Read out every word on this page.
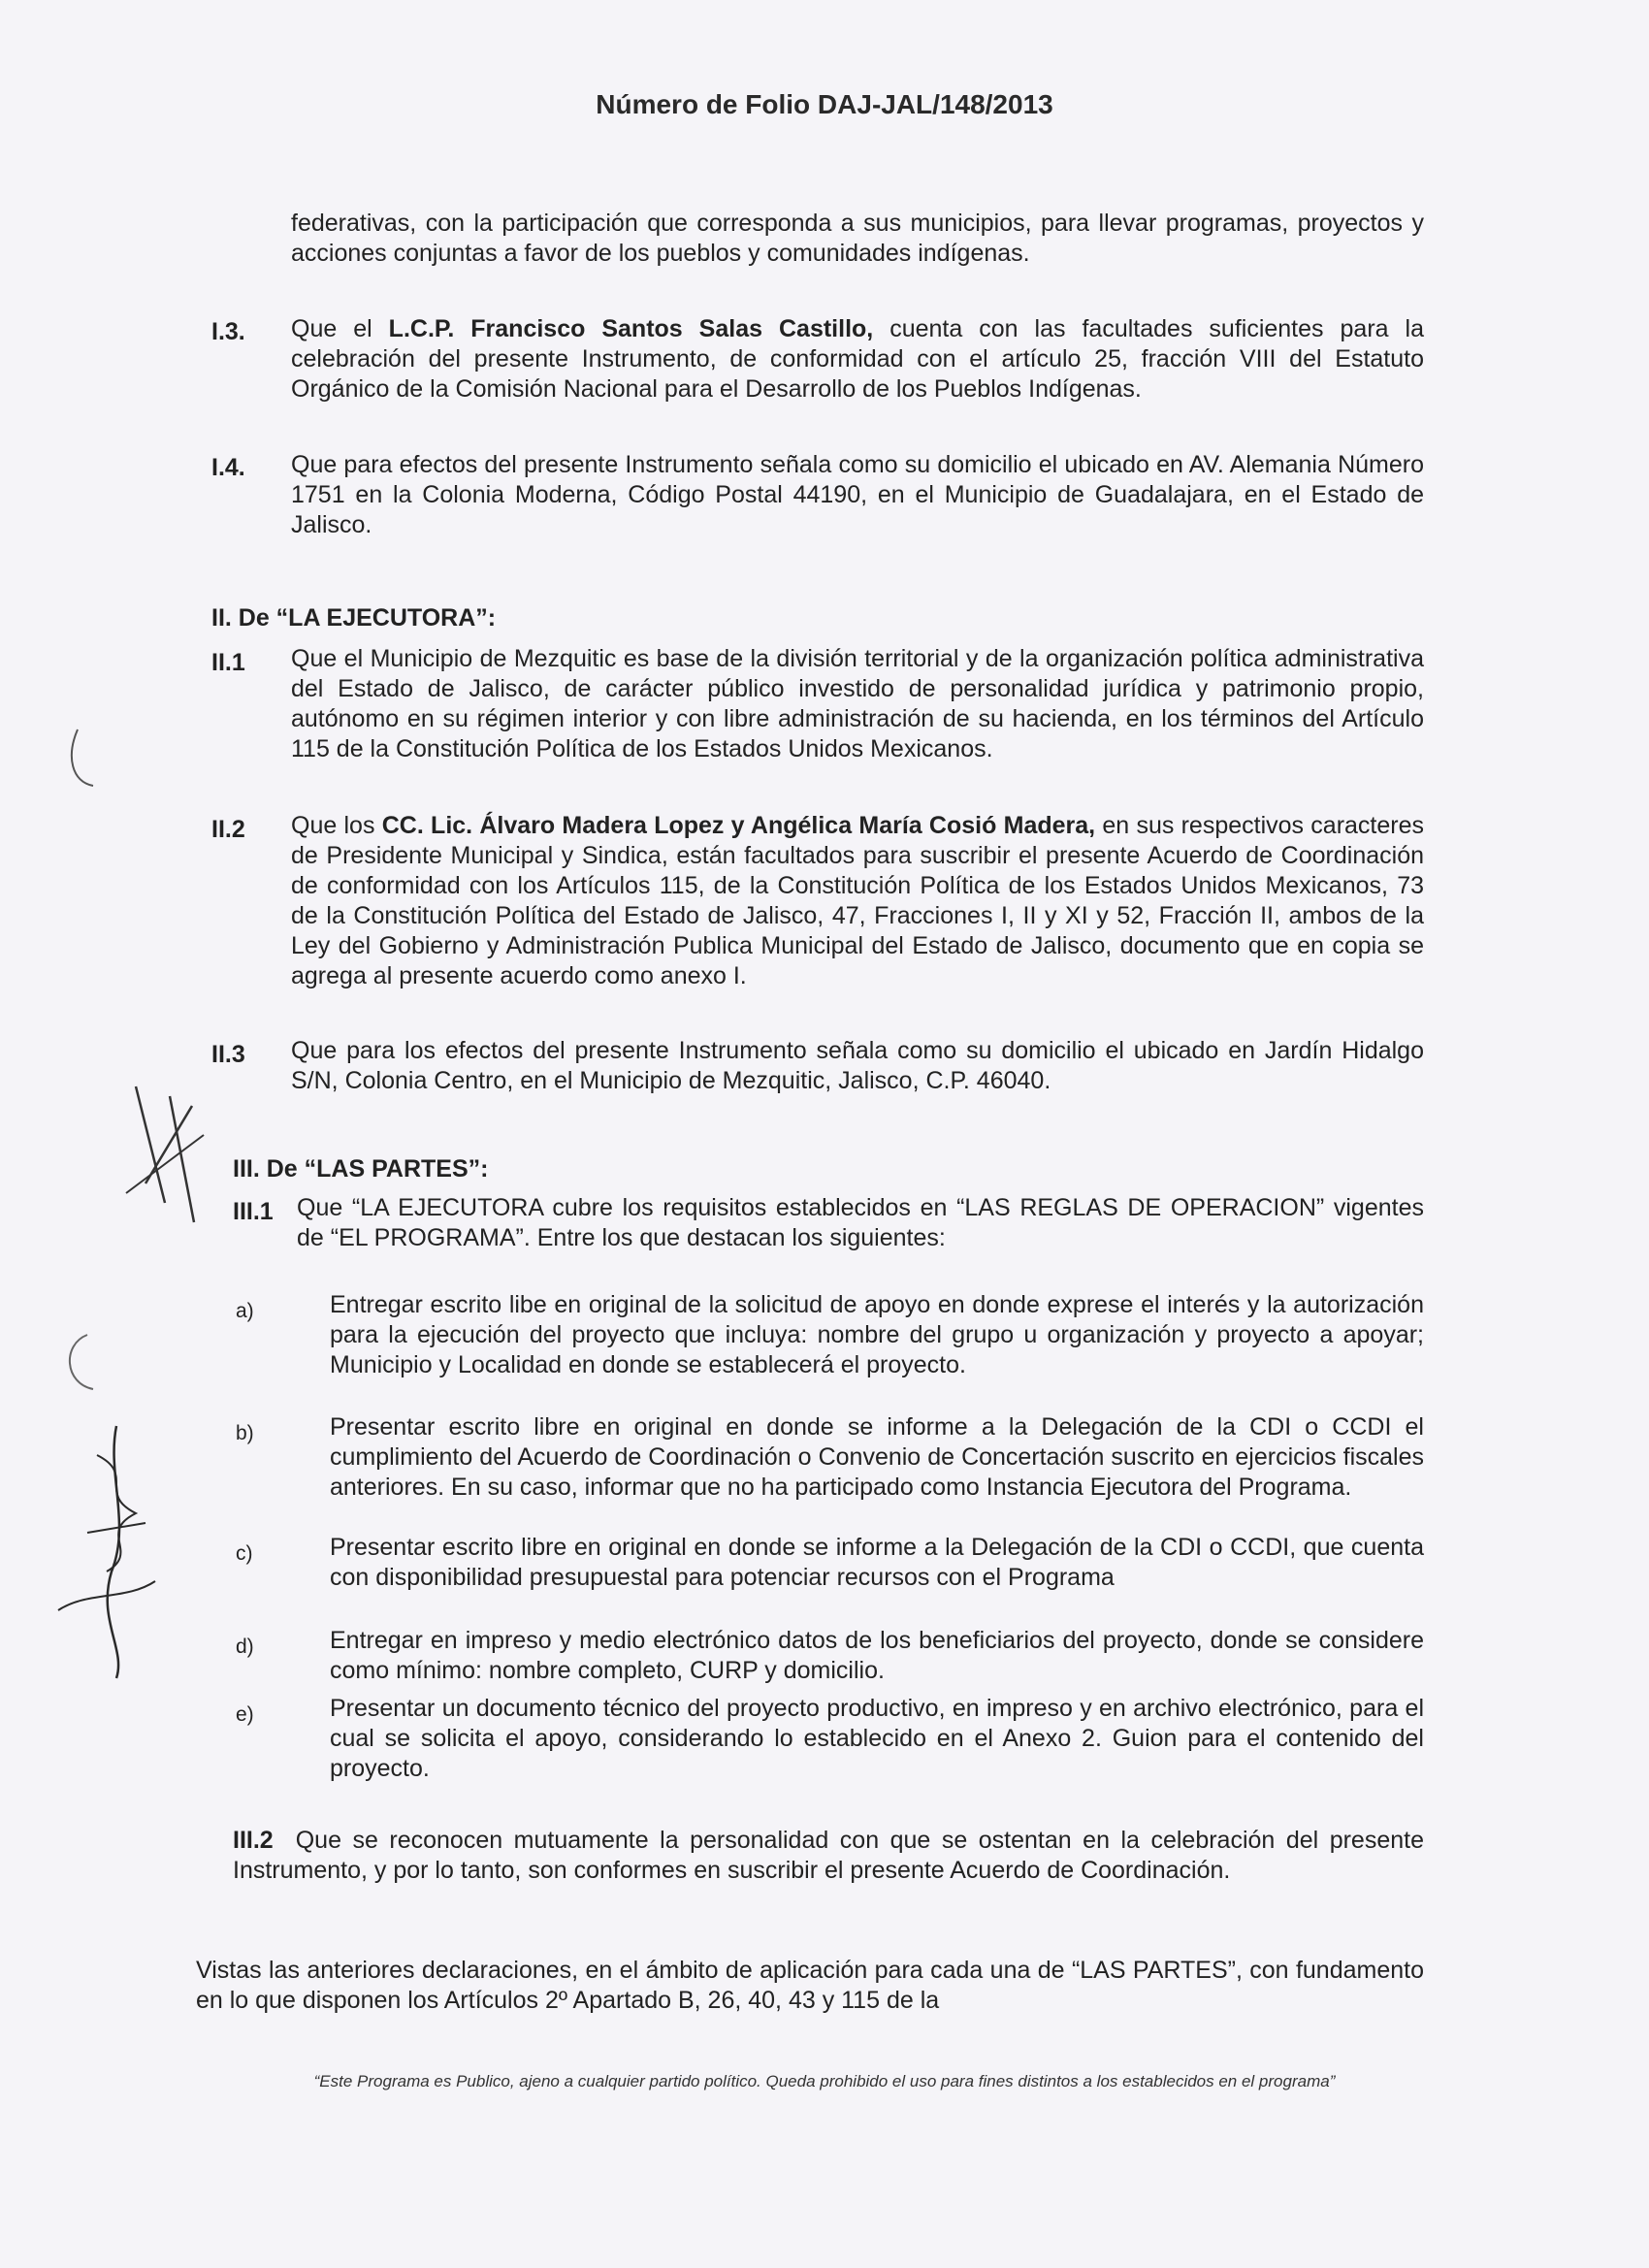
Número de Folio DAJ-JAL/148/2013

federativas, con la participación que corresponda a sus municipios, para llevar programas, proyectos y acciones conjuntas a favor de los pueblos y comunidades indígenas.

I.3. Que el L.C.P. Francisco Santos Salas Castillo, cuenta con las facultades suficientes para la celebración del presente Instrumento, de conformidad con el artículo 25, fracción VIII del Estatuto Orgánico de la Comisión Nacional para el Desarrollo de los Pueblos Indígenas.

I.4. Que para efectos del presente Instrumento señala como su domicilio el ubicado en AV. Alemania Número 1751 en la Colonia Moderna, Código Postal 44190, en el Municipio de Guadalajara, en el Estado de Jalisco.

II. De “LA EJECUTORA”:
II.1 Que el Municipio de Mezquitic es base de la división territorial y de la organización política administrativa del Estado de Jalisco, de carácter público investido de personalidad jurídica y patrimonio propio, autónomo en su régimen interior y con libre administración de su hacienda, en los términos del Artículo 115 de la Constitución Política de los Estados Unidos Mexicanos.

II.2 Que los CC. Lic. Álvaro Madera Lopez y Angélica María Cosió Madera, en sus respectivos caracteres de Presidente Municipal y Sindica, están facultados para suscribir el presente Acuerdo de Coordinación de conformidad con los Artículos 115, de la Constitución Política de los Estados Unidos Mexicanos, 73 de la Constitución Política del Estado de Jalisco, 47, Fracciones I, II y XI y 52, Fracción II, ambos de la Ley del Gobierno y Administración Publica Municipal del Estado de Jalisco, documento que en copia se agrega al presente acuerdo como anexo I.

II.3 Que para los efectos del presente Instrumento señala como su domicilio el ubicado en Jardín Hidalgo S/N, Colonia Centro, en el Municipio de Mezquitic, Jalisco, C.P. 46040.

III. De “LAS PARTES”:
III.1 Que “LA EJECUTORA cubre los requisitos establecidos en “LAS REGLAS DE OPERACION” vigentes de “EL PROGRAMA”. Entre los que destacan los siguientes:

a)	Entregar escrito libe en original de la solicitud de apoyo en donde exprese el interés y la autorización para la ejecución del proyecto que incluya: nombre del grupo u organización y proyecto a apoyar; Municipio y Localidad en donde se establecerá el proyecto.

b)	Presentar escrito libre en original en donde se informe a la Delegación de la CDI o CCDI el cumplimiento del Acuerdo de Coordinación o Convenio de Concertación suscrito en ejercicios fiscales anteriores. En su caso, informar que no ha participado como Instancia Ejecutora del Programa.

c)	Presentar escrito libre en original en donde se informe a la Delegación de la CDI o CCDI, que cuenta con disponibilidad presupuestal para potenciar recursos con el Programa

d)	Entregar en impreso y medio electrónico datos de los beneficiarios del proyecto, donde se considere como mínimo: nombre completo, CURP y domicilio.

e)	Presentar un documento técnico del proyecto productivo, en impreso y en archivo electrónico, para el cual se solicita el apoyo, considerando lo establecido en el Anexo 2. Guion para el contenido del proyecto.

III.2 Que se reconocen mutuamente la personalidad con que se ostentan en la celebración del presente Instrumento, y por lo tanto, son conformes en suscribir el presente Acuerdo de Coordinación.

Vistas las anteriores declaraciones, en el ámbito de aplicación para cada una de “LAS PARTES”, con fundamento en lo que disponen los Artículos 2º Apartado B, 26, 40, 43 y 115 de la

“Este Programa es Publico, ajeno a cualquier partido político. Queda prohibido el uso para fines distintos a los establecidos en el programa”
